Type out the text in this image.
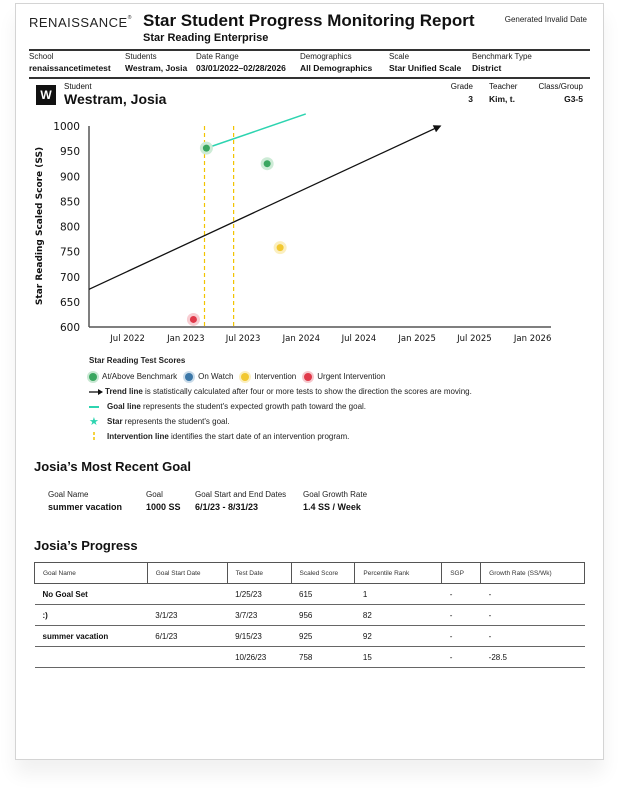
RENAISSANCE® Star Student Progress Monitoring Report
Star Reading Enterprise
Generated Invalid Date
School
renaissancetimetest
Students
Westram, Josia
Date Range
03/01/2022–02/28/2026
Demographics
All Demographics
Scale
Star Unified Scale
Benchmark Type
District
W
Student
Westram, Josia
Grade
3
Teacher
Kim, t.
Class/Group
G3-5
Star Reading Scaled Score (SS)
600
650
700
750
800
850
900
950
1000
Jul 2022	Jan 2023	Jul 2023	Jan 2024	Jul 2024	Jan 2025	Jul 2025	Jan 2026
Star Reading Test Scores
At/Above Benchmark	On Watch	Intervention	Urgent Intervention
Trend line is statistically calculated after four or more tests to show the direction the scores are moving.
Goal line represents the student's expected growth path toward the goal.
★	Star represents the student's goal.
Intervention line identifies the start date of an intervention program.
Josia’s Most Recent Goal
Goal Name
summer vacation
Goal
1000 SS
Goal Start and End Dates
6/1/23 - 8/31/23
Goal Growth Rate
1.4 SS / Week
Josia’s Progress
Goal Name	Goal Start Date	Test Date	Scaled Score	Percentile Rank	SGP	Growth Rate (SS/Wk)
No Goal Set		1/25/23	615	1	-	-
:)	3/1/23	3/7/23	956	82	-	-
summer vacation	6/1/23	9/15/23	925	92	-	-
		10/26/23	758	15	-	-28.5
